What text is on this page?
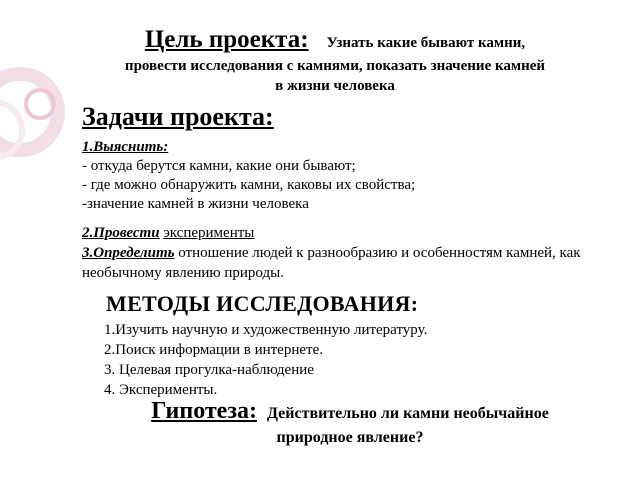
Цель проекта: Узнать какие бывают камни,
провести исследования с камнями, показать значение камней
в жизни человека
Задачи проекта:
1.Выяснить:
- откуда берутся камни, какие они бывают;
- где можно обнаружить камни, каковы их свойства;
-значение камней в жизни человека
2.Провести эксперименты
3.Определить отношение людей к разнообразию и особенностям камней, как необычному явлению природы.
МЕТОДЫ ИССЛЕДОВАНИЯ:
1.Изучить научную и художественную литературу.
2.Поиск информации в интернете.
3. Целевая прогулка-наблюдение
4. Эксперименты.
Гипотеза: Действительно ли камни необычайное
природное явление?
